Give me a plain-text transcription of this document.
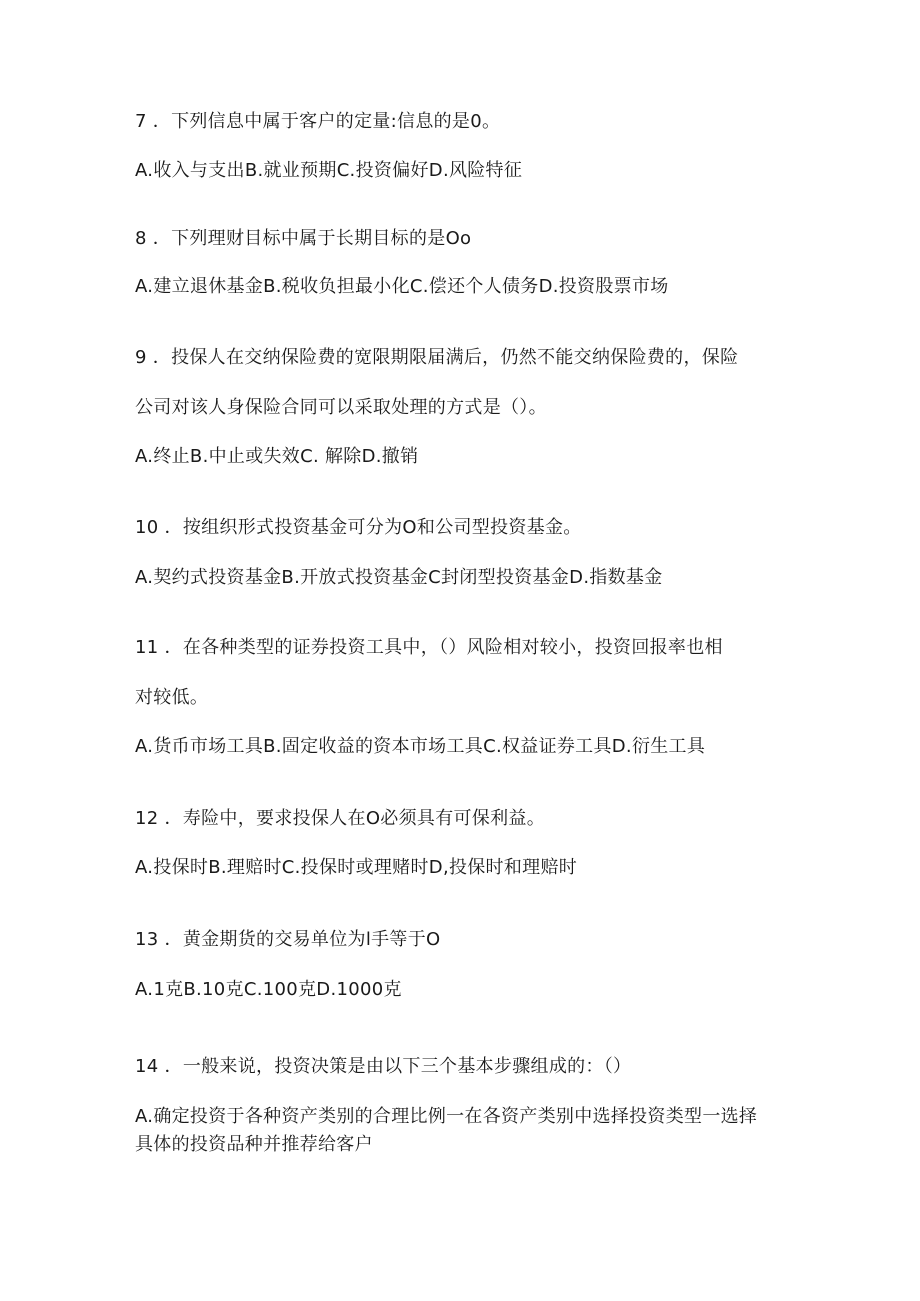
7 ．下列信息中属于客户的定量:信息的是0。
A.收入与支出B.就业预期C.投资偏好D.风险特征
8 ．下列理财目标中属于长期目标的是Oo
A.建立退休基金B.税收负担最小化C.偿还个人债务D.投资股票市场
9 ．投保人在交纳保险费的宽限期限届满后，仍然不能交纳保险费的，保险
公司对该人身保险合同可以采取处理的方式是（）。
A.终止B.中止或失效C. 解除D.撤销
10 ．按组织形式投资基金可分为O和公司型投资基金。
A.契约式投资基金B.开放式投资基金C封闭型投资基金D.指数基金
11 ．在各种类型的证券投资工具中，（）风险相对较小，投资回报率也相
对较低。
A.货币市场工具B.固定收益的资本市场工具C.权益证券工具D.衍生工具
12 ．寿险中，要求投保人在O必须具有可保利益。
A.投保时B.理赔时C.投保时或理赌时D,投保时和理赔时
13 ．黄金期货的交易单位为l手等于O
A.1克B.10克C.100克D.1000克
14 ．一般来说，投资决策是由以下三个基本步骤组成的：（）
A.确定投资于各种资产类别的合理比例一在各资产类别中选择投资类型一选择具体的投资品种并推荐给客户
